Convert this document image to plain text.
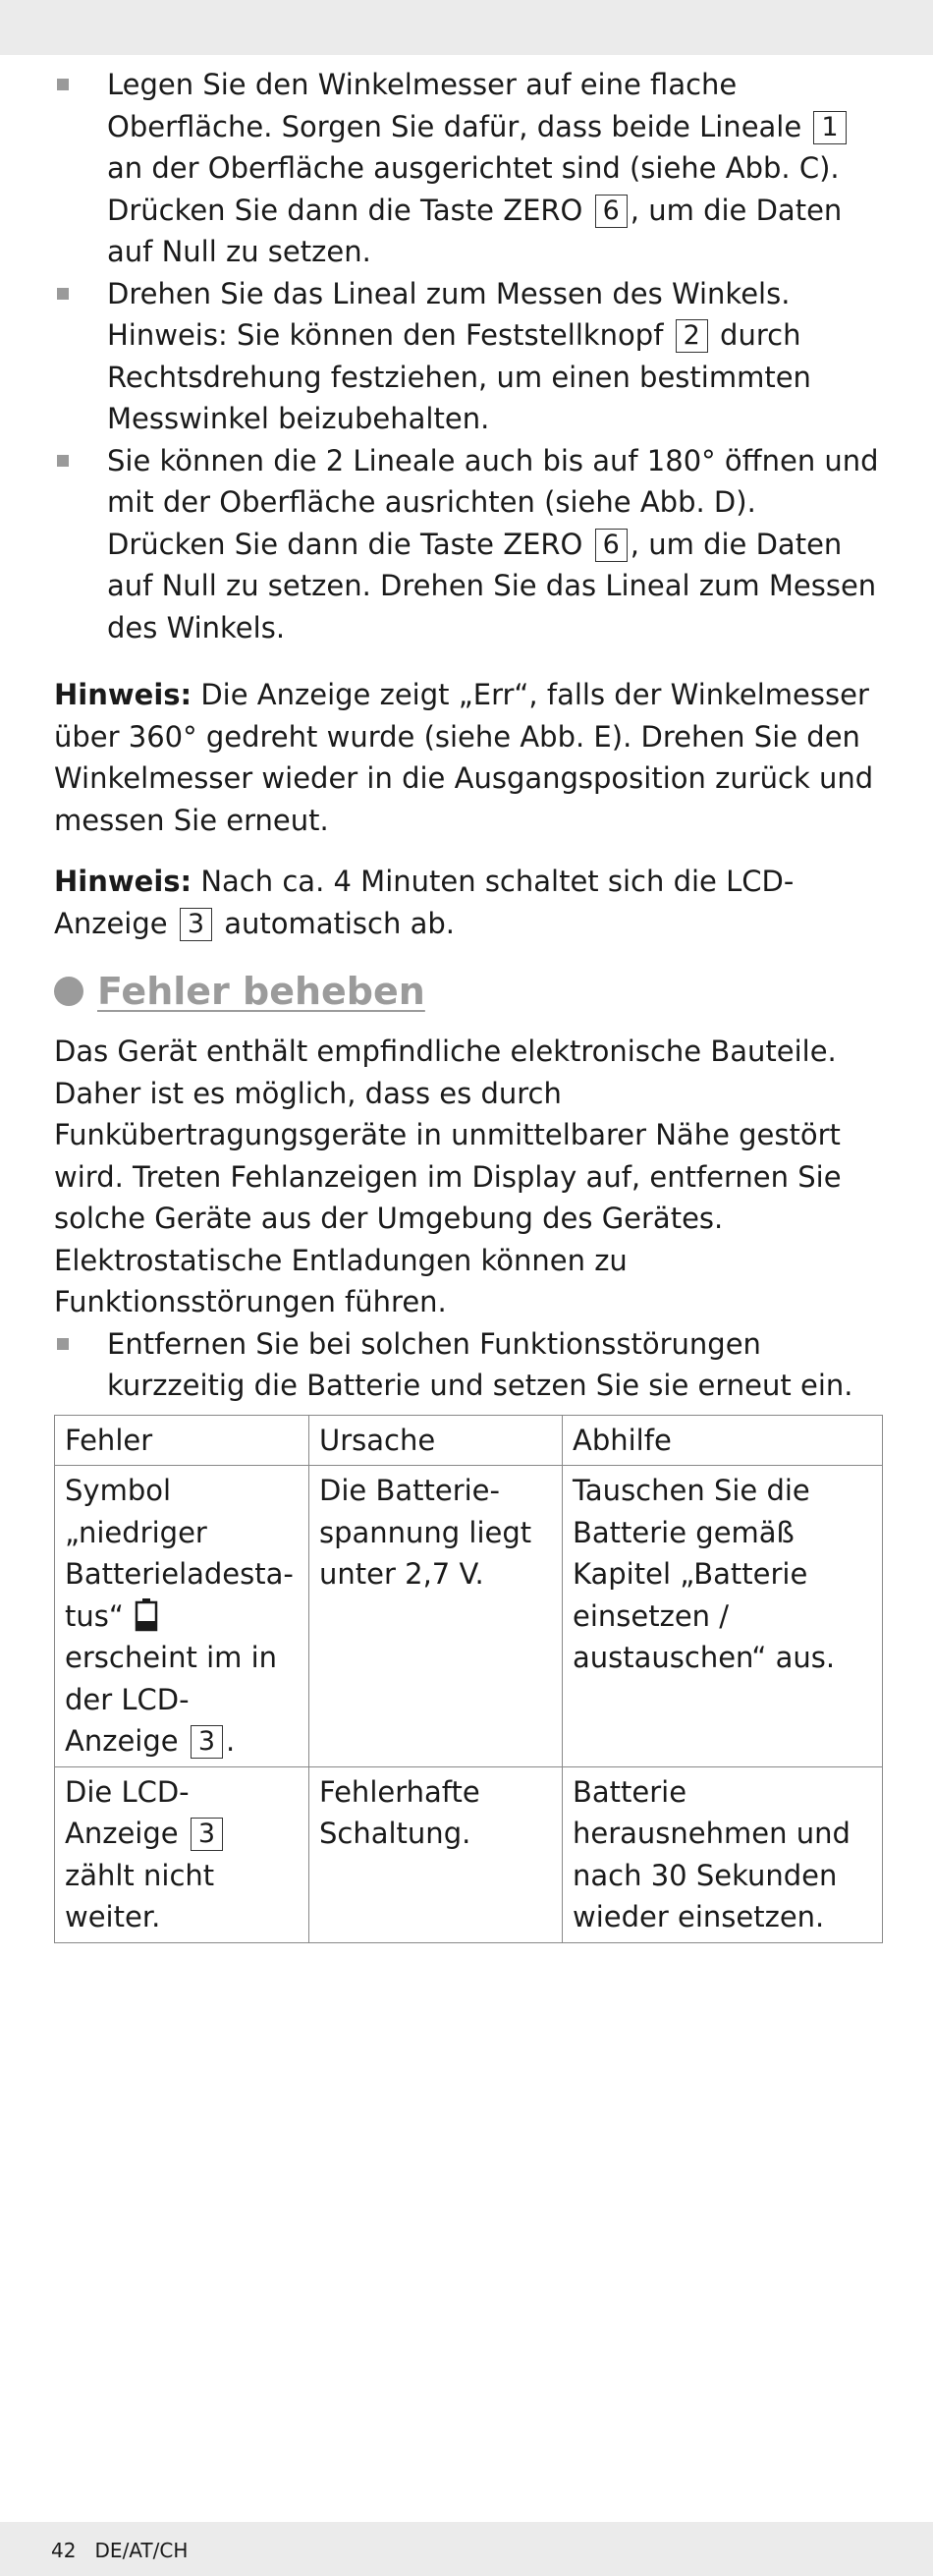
Legen Sie den Winkelmesser auf eine flache Oberfläche. Sorgen Sie dafür, dass beide Lineale 1 an der Oberfläche ausgerichtet sind (siehe Abb. C). Drücken Sie dann die Taste ZERO 6 , um die Daten auf Null zu setzen.
Drehen Sie das Lineal zum Messen des Winkels. Hinweis: Sie können den Feststellknopf 2 durch Rechtsdrehung festziehen, um einen bestimmten Messwinkel beizubehalten.
Sie können die 2 Lineale auch bis auf 180° öffnen und mit der Oberfläche ausrichten (siehe Abb. D). Drücken Sie dann die Taste ZERO 6 , um die Daten auf Null zu setzen. Drehen Sie das Lineal zum Messen des Winkels.

Hinweis: Die Anzeige zeigt „Err“, falls der Winkelmesser über 360° gedreht wurde (siehe Abb. E). Drehen Sie den Winkelmesser wieder in die Ausgangsposition zurück und messen Sie erneut.

Hinweis: Nach ca. 4 Minuten schaltet sich die LCD-Anzeige 3 automatisch ab.

Fehler beheben

Das Gerät enthält empfindliche elektronische Bauteile. Daher ist es möglich, dass es durch Funkübertragungsgeräte in unmittelbarer Nähe gestört wird. Treten Fehlanzeigen im Display auf, entfernen Sie solche Geräte aus der Umgebung des Gerätes.

Elektrostatische Entladungen können zu Funktionsstörungen führen.

Entfernen Sie bei solchen Funktionsstörungen kurzzeitig die Batterie und setzen Sie sie erneut ein.
Fehler	Ursache	Abhilfe
Symbol „niedriger Batterieladesta-tus“  erscheint im in der LCD-Anzeige 3 .	Die Batterie-spannung liegt unter 2,7 V.	Tauschen Sie die Batterie gemäß Kapitel „Batterie einsetzen / austauschen“ aus.
Die LCD-Anzeige 3 zählt nicht weiter.	Fehlerhafte Schaltung.	Batterie herausnehmen und nach 30 Sekunden wieder einsetzen.
42 DE/AT/CH
